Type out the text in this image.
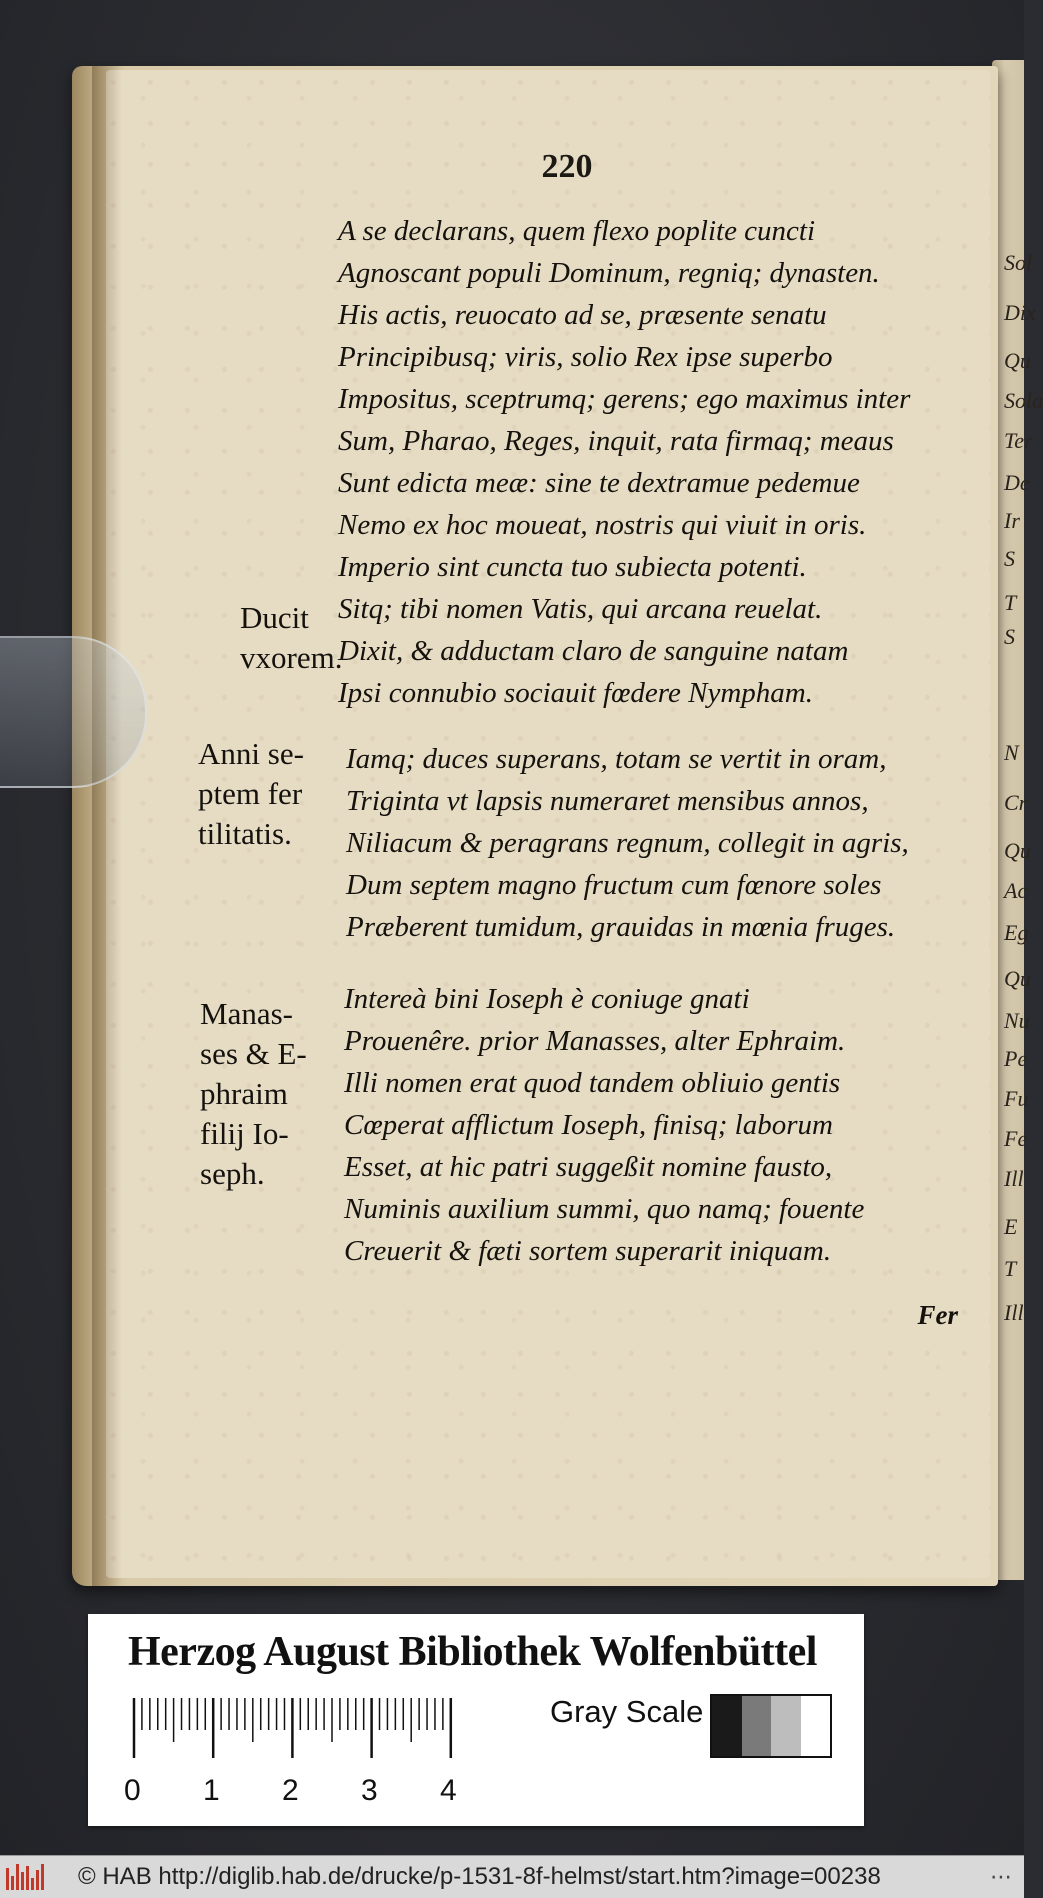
Sol
Dix
Qu
Sola
Ter
De
Ir
S
T
S
N
Cr
Qu
Ac
Eg
Qu
Nu
Pe
Fu
Fe
Ill
E
T
Ill
220
A se declarans, quem flexo poplite cuncti
Agnoscant populi Dominum, regniq; dynasten.
His actis, reuocato ad se, præsente senatu
Principibusq; viris, solio Rex ipse superbo
Impositus, sceptrumq; gerens; ego maximus inter
Sum, Pharao, Reges, inquit, rata firmaq; meaus
Sunt edicta meæ: sine te dextramue pedemue
Nemo ex hoc moueat, nostris qui viuit in oris.
Imperio sint cuncta tuo subiecta potenti.
Sitq; tibi nomen Vatis, qui arcana reuelat.
Dixit, & adductam claro de sanguine natam
Ipsi connubio sociauit fœdere Nympham.
Ducit
vxorem.
Iamq; duces superans, totam se vertit in oram,
Triginta vt lapsis numeraret mensibus annos,
Niliacum & peragrans regnum, collegit in agris,
Dum septem magno fructum cum fœnore soles
Præberent tumidum, grauidas in mœnia fruges.
Anni se-
ptem fer
tilitatis.
Intereà bini Ioseph è coniuge gnati
Prouenêre. prior Manasses, alter Ephraim.
Illi nomen erat quod tandem obliuio gentis
Cœperat afflictum Ioseph, finisq; laborum
Esset, at hic patri suggeßit nomine fausto,
Numinis auxilium summi, quo namq; fouente
Creuerit & fæti sortem superarit iniquam.
Manas-
ses & E-
phraim
filij Io-
seph.
Fer
Herzog August Bibliothek Wolfenbüttel
0 1 2 3 4
Gray Scale
© HAB http://diglib.hab.de/drucke/p-1531-8f-helmst/start.htm?image=00238	⋯
